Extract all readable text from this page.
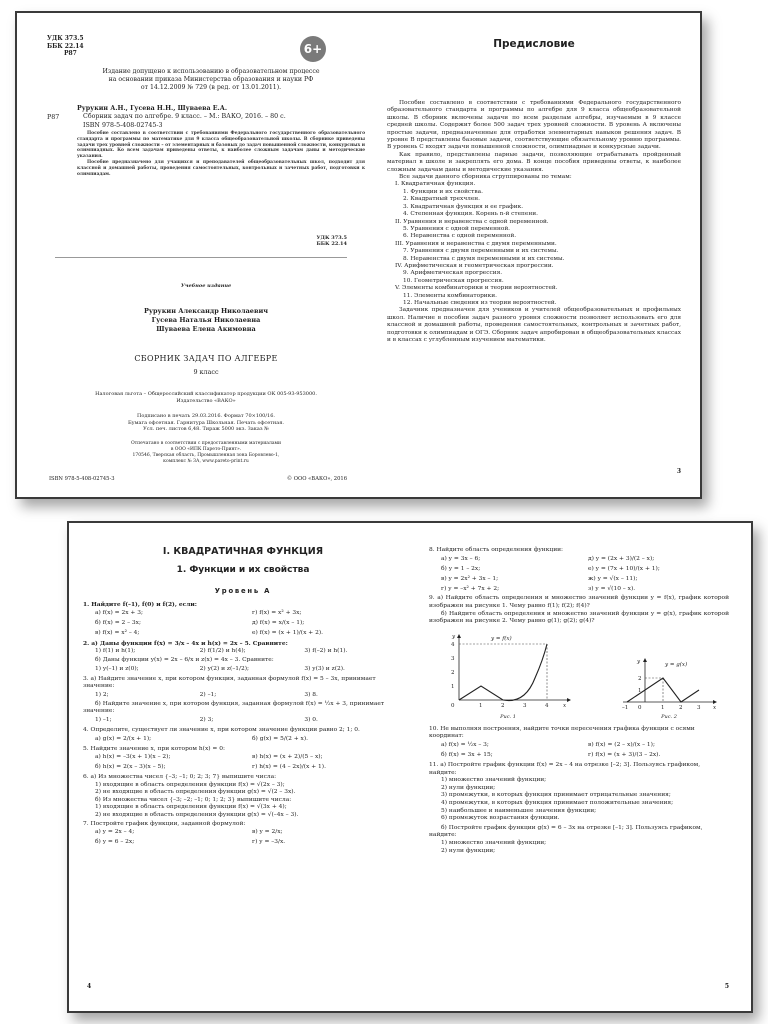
УДК 373.5
ББК 22.14
Р87	6+
Издание допущено к использованию в образовательном процессе
на основании приказа Министерства образования и науки РФ
от 14.12.2009 № 729 (в ред. от 13.01.2011).
Р87
Рурукин А.Н., Гусева Н.Н., Шуваева Е.А.
Сборник задач по алгебре. 9 класс. – М.: ВАКО, 2016. – 80 с.
ISBN 978-5-408-02745-3

Пособие составлено в соответствии с требованиями Федерального государственного образовательного стандарта и программы по математике для 9 класса общеобразовательной школы. В сборнике приведены задачи трех уровней сложности – от элементарных и базовых до задач повышенной сложности, конкурсных и олимпиадных. Ко всем задачам приведены ответы, к наиболее сложным задачам даны и методические указания.

Пособие предназначено для учащихся и преподавателей общеобразовательных школ, подходит для классной и домашней работы, проведения самостоятельных, контрольных и зачетных работ, подготовки к олимпиадам.

УДК 373.5
ББК 22.14
Учебное издание
Рурукин Александр Николаевич
Гусева Наталья Николаевна
Шуваева Елена Акимовна
СБОРНИК ЗАДАЧ ПО АЛГЕБРЕ
9 класс
Налоговая льгота – Общероссийский классификатор продукции ОК 005-93-953000.
Издательство «ВАКО»
Подписано в печать 29.03.2016. Формат 70×100/16.
Бумага офсетная. Гарнитура Школьная. Печать офсетная.
Усл. печ. листов 6,48. Тираж 5000 экз. Заказ №
Отпечатано в соответствии с предоставленными материалами
в ООО «ИПК Парето-Принт».
170546, Тверская область, Промышленная зона Боровлево-1,
комплекс № 3А, www.pareto-print.ru
ISBN 978-5-408-02745-3	© ООО «ВАКО», 2016
Предисловие

Пособие составлено в соответствии с требованиями Федерального государственного образовательного стандарта и программы по алгебре для 9 класса общеобразовательной школы. В сборник включены задачи по всем разделам алгебры, изучаемым в 9 классе средней школы. Содержит более 500 задач трех уровней сложности. В уровень А включены простые задачи, предназначенные для отработки элементарных навыков решения задач. В уровне В представлены базовые задачи, соответствующие обязательному уровню программы. В уровень С входят задачи повышенной сложности, олимпиадные и конкурсные задачи.

Как правило, представлены парные задачи, позволяющие отрабатывать пройденный материал в школе и закреплять его дома. В конце пособия приведены ответы, к наиболее сложным задачам даны и методические указания.

Все задачи данного сборника сгруппированы по темам:

I. Квадратичная функция.
1. Функции и их свойства.
2. Квадратный трехчлен.
3. Квадратичная функция и ее график.
4. Степенная функция. Корень n-й степени.
II. Уравнения и неравенства с одной переменной.
5. Уравнения с одной переменной.
6. Неравенства с одной переменной.
III. Уравнения и неравенства с двумя переменными.
7. Уравнения с двумя переменными и их системы.
8. Неравенства с двумя переменными и их системы.
IV. Арифметическая и геометрическая прогрессии.
9. Арифметическая прогрессия.
10. Геометрическая прогрессия.
V. Элементы комбинаторики и теории вероятностей.
11. Элементы комбинаторики.
12. Начальные сведения из теории вероятностей.

Задачник предназначен для учеников и учителей общеобразовательных и профильных школ. Наличие в пособии задач разного уровня сложности позволяет использовать его для классной и домашней работы, проведения самостоятельных, контрольных и зачетных работ, подготовки к олимпиадам и ОГЭ. Сборник задач апробирован в общеобразовательных классах и в классах с углубленным изучением математики.

3
I. КВАДРАТИЧНАЯ ФУНКЦИЯ
1. Функции и их свойства
Уровень А
1. Найдите f(–1), f(0) и f(2), если:
а) f(x) = 2x + 3;	г) f(x) = x² + 3x;
б) f(x) = 2 – 3x;	д) f(x) = x/(x – 1);
в) f(x) = x² – 4;	е) f(x) = (x + 1)/(x + 2).
2. а) Даны функции f(x) = 3/x – 4x и h(x) = 2x – 5. Сравните:
1) f(1) и h(1);	2) f(1/2) и h(4);	3) f(–2) и h(1).
б) Даны функции y(x) = 2x – 6/x и z(x) = 4x – 3. Сравните:
1) y(–1) и z(0);	2) y(2) и z(–1/2);	3) y(3) и z(2).
3. а) Найдите значение x, при котором функция, заданная формулой f(x) = 5 – 3x, принимает значение:
1) 2;	2) –1;	3) 8.
б) Найдите значение x, при котором функция, заданная формулой f(x) = ½x + 3, принимает значение:
1) –1;	2) 3;	3) 0.
4. Определите, существует ли значение x, при котором значение функции равно 2; 1; 0.
а) g(x) = 2/(x + 1);	б) g(x) = 5/(2 + x).
5. Найдите значение x, при котором h(x) = 0:
а) h(x) = –3(x + 1)(x – 2);	в) h(x) = (x + 2)/(5 – x);
б) h(x) = 2(x – 3)(x – 5);	г) h(x) = (4 – 2x)/(x + 1).
6. а) Из множества чисел {–3; –1; 0; 2; 3; 7} выпишите числа:
1) входящие в область определения функции f(x) = √(2x – 3);
2) не входящие в область определения функции g(x) = √(2 – 3x).
б) Из множества чисел {–3; –2; –1; 0; 1; 2; 3} выпишите числа:
1) входящие в область определения функции f(x) = √(3x + 4);
2) не входящие в область определения функции g(x) = √(–4x – 3).
7. Постройте график функции, заданной формулой:
а) y = 2x – 4;	в) y = 2/x;
б) y = 6 – 2x;	г) y = –3/x.
4
8. Найдите область определения функции:
а) y = 3x – 6;	д) y = (2x + 3)/(2 – x);
б) y = 1 – 2x;	е) y = (7x + 10)/(x + 1);
в) y = 2x² + 3x – 1;	ж) y = √(x – 11);
г) y = –x² + 7x + 2;	з) y = √(10 – x).
9. а) Найдите область определения и множество значений функции y = f(x), график которой изображен на рисунке 1. Чему равно f(1); f(2); f(4)?
б) Найдите область определения и множество значений функции y = g(x), график которой изображен на рисунке 2. Чему равно g(1); g(2); g(4)?
0	1	2	3	4	x
1
2
3
4
y	y = f(x)
Рис. 1
–1 0	1	2	3 x
1
2
y	y = g(x)
Рис. 2
10. Не выполняя построения, найдите точки пересечения графика функции с осями координат:
а) f(x) = ½x – 3;	в) f(x) = (2 – x)/(x – 1);
б) f(x) = 3x + 15;	г) f(x) = (x + 3)/(3 – 2x).
11. а) Постройте график функции f(x) = 2x – 4 на отрезке [–2; 3]. Пользуясь графиком, найдите:
1) множество значений функции;
2) нули функции;
3) промежутки, в которых функция принимает отрицательные значения;
4) промежутки, в которых функция принимает положительные значения;
5) наибольшее и наименьшее значения функции;
6) промежуток возрастания функции.
б) Постройте график функции g(x) = 6 – 3x на отрезке [–1; 3]. Пользуясь графиком, найдите:
1) множество значений функции;
2) нули функции;
5
